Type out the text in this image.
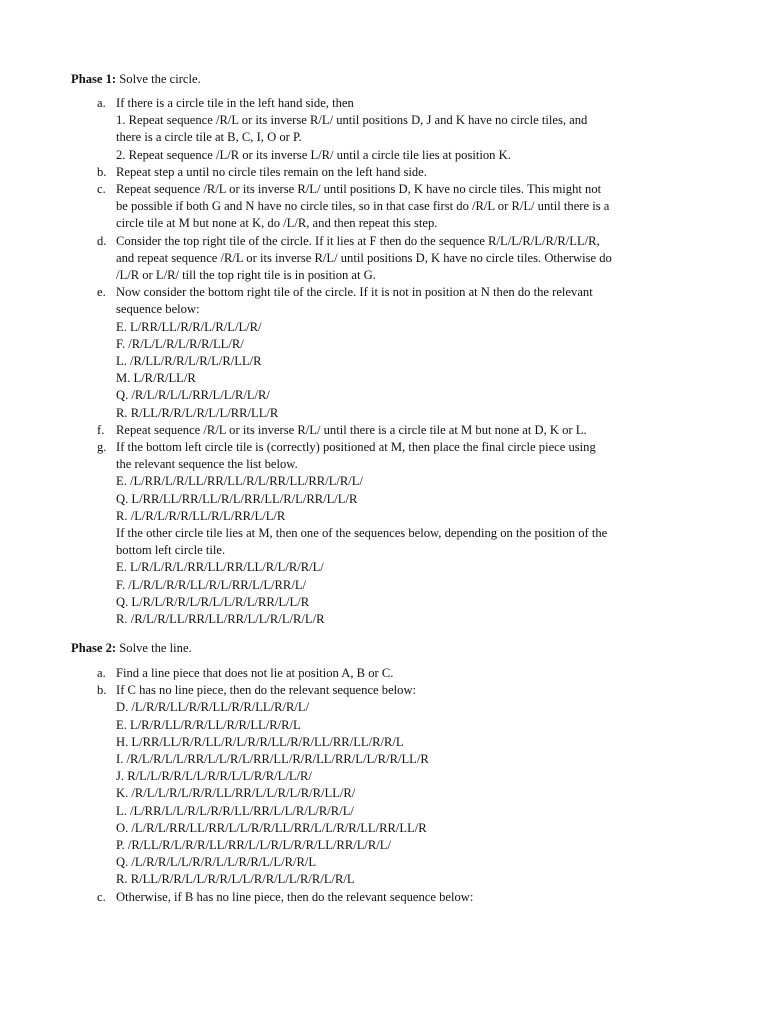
Phase 1: Solve the circle.

a. If there is a circle tile in the left hand side, then
1. Repeat sequence /R/L or its inverse R/L/ until positions D, J and K have no circle tiles, and
there is a circle tile at B, C, I, O or P.
2. Repeat sequence /L/R or its inverse L/R/ until a circle tile lies at position K.
b. Repeat step a until no circle tiles remain on the left hand side.
c. Repeat sequence /R/L or its inverse R/L/ until positions D, K have no circle tiles. This might not
be possible if both G and N have no circle tiles, so in that case first do /R/L or R/L/ until there is a
circle tile at M but none at K, do /L/R, and then repeat this step.
d. Consider the top right tile of the circle. If it lies at F then do the sequence R/L/L/R/L/R/R/LL/R,
and repeat sequence /R/L or its inverse R/L/ until positions D, K have no circle tiles. Otherwise do
/L/R or L/R/ till the top right tile is in position at G.
e. Now consider the bottom right tile of the circle. If it is not in position at N then do the relevant
sequence below:
E. L/RR/LL/R/R/L/R/L/L/R/
F. /R/L/L/R/L/R/R/LL/R/
L. /R/LL/R/R/L/R/L/R/LL/R
M. L/R/R/LL/R
Q. /R/L/R/L/L/RR/L/L/R/L/R/
R. R/LL/R/R/L/R/L/L/RR/LL/R
f. Repeat sequence /R/L or its inverse R/L/ until there is a circle tile at M but none at D, K or L.
g. If the bottom left circle tile is (correctly) positioned at M, then place the final circle piece using
the relevant sequence the list below.
E. /L/RR/L/R/LL/RR/LL/R/L/RR/LL/RR/L/R/L/
Q. L/RR/LL/RR/LL/R/L/RR/LL/R/L/RR/L/L/R
R. /L/R/L/R/R/LL/R/L/RR/L/L/R
If the other circle tile lies at M, then one of the sequences below, depending on the position of the
bottom left circle tile.
E. L/R/L/R/L/RR/LL/RR/LL/R/L/R/R/L/
F. /L/R/L/R/R/LL/R/L/RR/L/L/RR/L/
Q. L/R/L/R/R/L/R/L/L/R/L/RR/L/L/R
R. /R/L/R/LL/RR/LL/RR/L/L/R/L/R/L/R

Phase 2: Solve the line.

a. Find a line piece that does not lie at position A, B or C.
b. If C has no line piece, then do the relevant sequence below:
D. /L/R/R/LL/R/R/LL/R/R/LL/R/R/L/
E. L/R/R/LL/R/R/LL/R/R/LL/R/R/L
H. L/RR/LL/R/R/LL/R/L/R/R/LL/R/R/LL/RR/LL/R/R/L
I. /R/L/R/L/L/RR/L/L/R/L/RR/LL/R/R/LL/RR/L/L/R/R/LL/R
J. R/L/L/R/R/L/L/R/R/L/L/R/R/L/L/R/
K. /R/L/L/R/L/R/R/LL/RR/L/L/R/L/R/R/LL/R/
L. /L/RR/L/L/R/L/R/R/LL/RR/L/L/R/L/R/R/L/
O. /L/R/L/RR/LL/RR/L/L/R/R/LL/RR/L/L/R/R/LL/RR/LL/R
P. /R/LL/R/L/R/R/LL/RR/L/L/R/L/R/R/LL/RR/L/R/L/
Q. /L/R/R/L/L/R/R/L/L/R/R/L/L/R/R/L
R. R/LL/R/R/L/L/R/R/L/L/R/R/L/L/R/R/L/R/L
c. Otherwise, if B has no line piece, then do the relevant sequence below:
